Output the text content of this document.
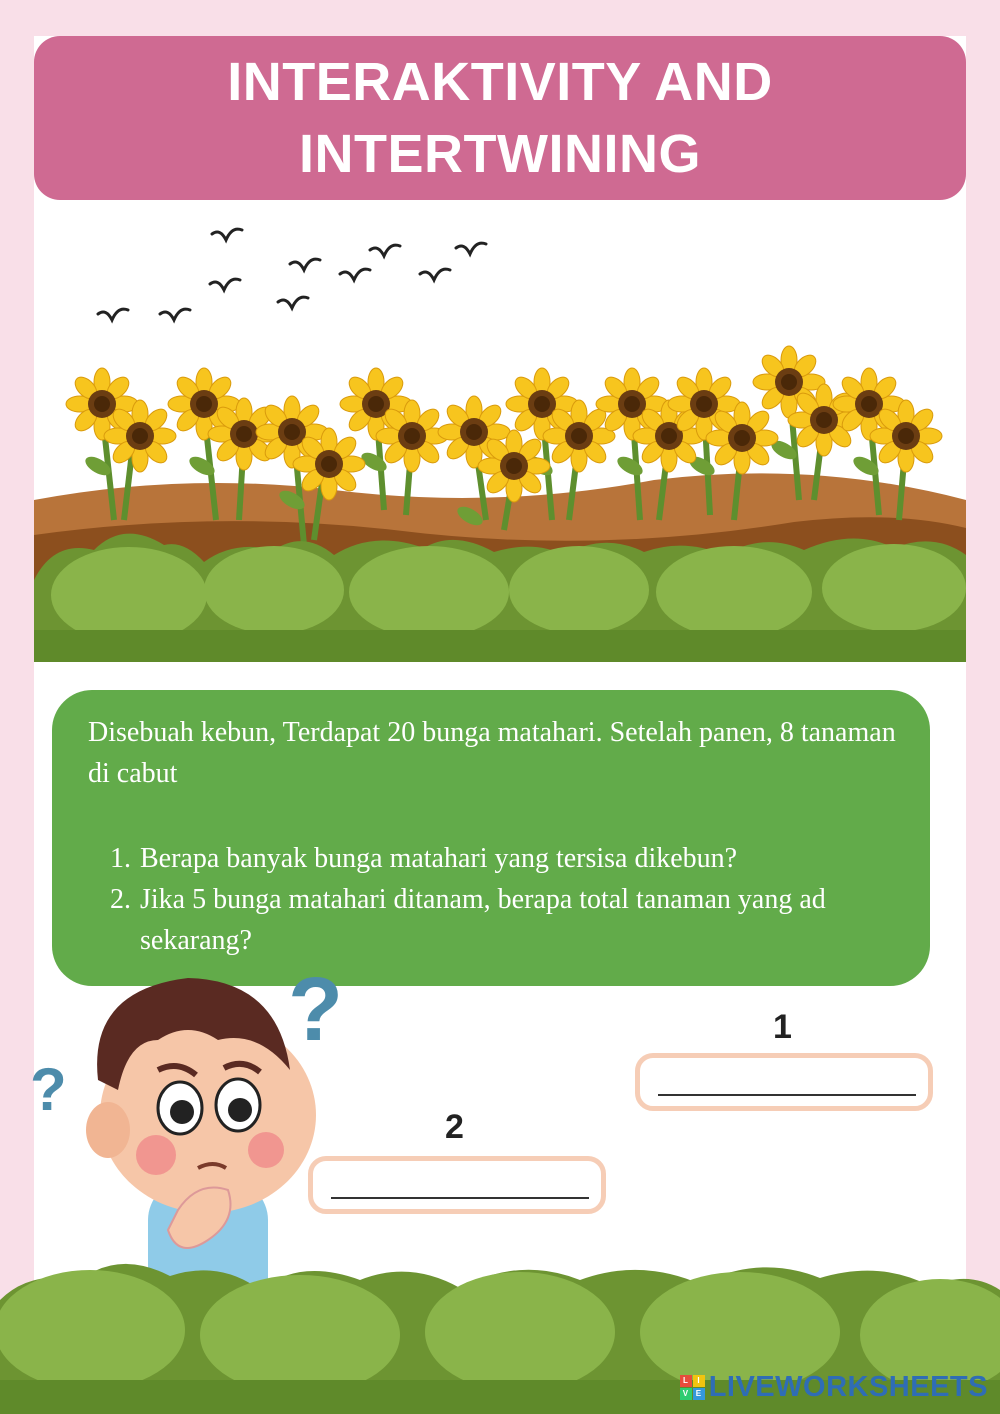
INTERAKTIVITY AND
INTERTWINING
Disebuah kebun, Terdapat 20 bunga matahari. Setelah panen, 8 tanaman di cabut
1. Berapa banyak bunga matahari yang tersisa dikebun?
2. Jika 5 bunga matahari ditanam, berapa total tanaman yang ad
sekarang?
?
?
1
2
L	I
V E LIVEWORKSHEETS
